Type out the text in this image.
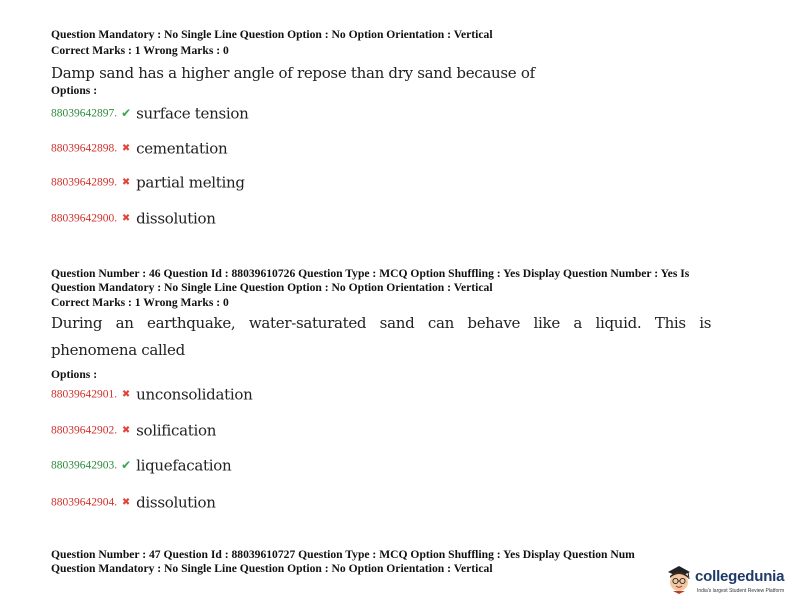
Question Mandatory : No Single Line Question Option : No Option Orientation : Vertical
Correct Marks : 1 Wrong Marks : 0
Damp sand has a higher angle of repose than dry sand because of
Options :
88039642897. ✔ surface tension
88039642898. ✖ cementation
88039642899. ✖ partial melting
88039642900. ✖ dissolution
Question Number : 46 Question Id : 88039610726 Question Type : MCQ Option Shuffling : Yes Display Question Number : Yes Is
Question Mandatory : No Single Line Question Option : No Option Orientation : Vertical
Correct Marks : 1 Wrong Marks : 0
During an earthquake, water-saturated sand can behave like a liquid. This is
phenomena called
Options :
88039642901. ✖ unconsolidation
88039642902. ✖ solification
88039642903. ✔ liquefacation
88039642904. ✖ dissolution
Question Number : 47 Question Id : 88039610727 Question Type : MCQ Option Shuffling : Yes Display Question Num
Question Mandatory : No Single Line Question Option : No Option Orientation : Vertical	collegedunia
India's largest Student Review Platform
